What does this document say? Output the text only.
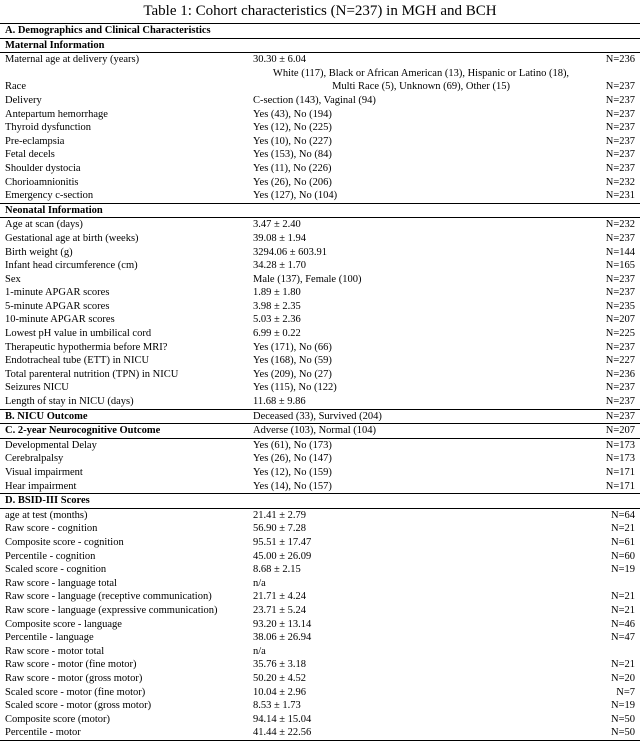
Table 1: Cohort characteristics (N=237) in MGH and BCH
A. Demographics and Clinical Characteristics
Maternal Information
Maternal age at delivery (years)	30.30 ± 6.04	N=236
Race
White (117), Black or African American (13), Hispanic or Latino (18),
Multi Race (5), Unknown (69), Other (15)	N=237
Delivery	C-section (143), Vaginal (94)	N=237
Antepartum hemorrhage	Yes (43), No (194)	N=237
Thyroid dysfunction	Yes (12), No (225)	N=237
Pre-eclampsia	Yes (10), No (227)	N=237
Fetal decels	Yes (153), No (84)	N=237
Shoulder dystocia	Yes (11), No (226)	N=237
Chorioamnionitis	Yes (26), No (206)	N=232
Emergency c-section	Yes (127), No (104)	N=231
Neonatal Information
Age at scan (days)	3.47 ± 2.40	N=232
Gestational age at birth (weeks)	39.08 ± 1.94	N=237
Birth weight (g)	3294.06 ± 603.91	N=144
Infant head circumference (cm)	34.28 ± 1.70	N=165
Sex	Male (137), Female (100)	N=237
1-minute APGAR scores	1.89 ± 1.80	N=237
5-minute APGAR scores	3.98 ± 2.35	N=235
10-minute APGAR scores	5.03 ± 2.36	N=207
Lowest pH value in umbilical cord	6.99 ± 0.22	N=225
Therapeutic hypothermia before MRI?	Yes (171), No (66)	N=237
Endotracheal tube (ETT) in NICU	Yes (168), No (59)	N=227
Total parenteral nutrition (TPN) in NICU	Yes (209), No (27)	N=236
Seizures NICU	Yes (115), No (122)	N=237
Length of stay in NICU (days)	11.68 ± 9.86	N=237
B. NICU Outcome	Deceased (33), Survived (204)	N=237
C. 2-year Neurocognitive Outcome	Adverse (103), Normal (104)	N=207
Developmental Delay	Yes (61), No (173)	N=173
Cerebralpalsy	Yes (26), No (147)	N=173
Visual impairment	Yes (12), No (159)	N=171
Hear impairment	Yes (14), No (157)	N=171
D. BSID-III Scores
age at test (months)	21.41 ± 2.79	N=64
Raw score - cognition	56.90 ± 7.28	N=21
Composite score - cognition	95.51 ± 17.47	N=61
Percentile - cognition	45.00 ± 26.09	N=60
Scaled score - cognition	8.68 ± 2.15	N=19
Raw score - language total	n/a
Raw score - language (receptive communication)	21.71 ± 4.24	N=21
Raw score - language (expressive communication)	23.71 ± 5.24	N=21
Composite score - language	93.20 ± 13.14	N=46
Percentile - language	38.06 ± 26.94	N=47
Raw score - motor total	n/a
Raw score - motor (fine motor)	35.76 ± 3.18	N=21
Raw score - motor (gross motor)	50.20 ± 4.52	N=20
Scaled score - motor (fine motor)	10.04 ± 2.96	N=7
Scaled score - motor (gross motor)	8.53 ± 1.73	N=19
Composite score (motor)	94.14 ± 15.04	N=50
Percentile - motor	41.44 ± 22.56	N=50
